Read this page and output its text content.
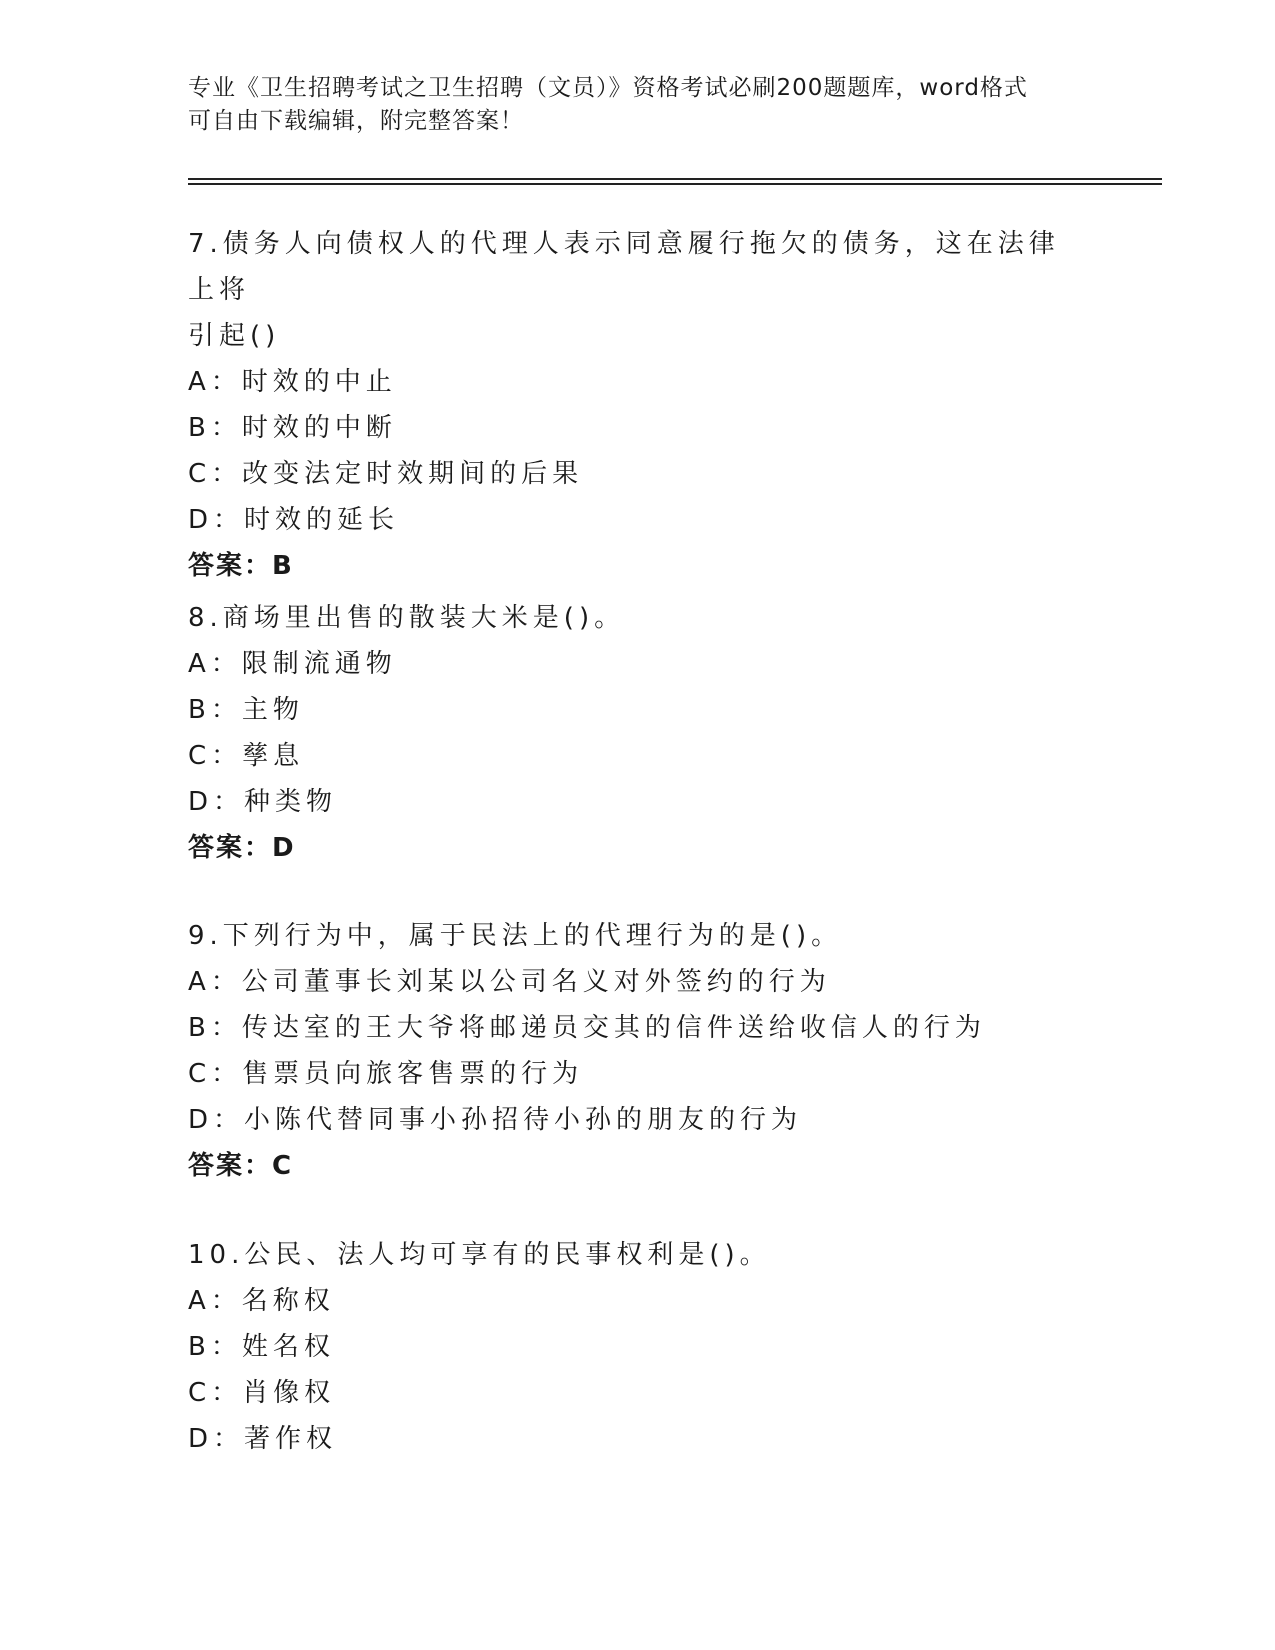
专业《卫生招聘考试之卫生招聘（文员）》资格考试必刷200题题库，word格式
可自由下载编辑，附完整答案！

7.债务人向债权人的代理人表示同意履行拖欠的债务，这在法律上将

引起()

A：时效的中止

B：时效的中断

C：改变法定时效期间的后果

D：时效的延长

答案：B

8.商场里出售的散装大米是()。

A：限制流通物

B：主物

C：孳息

D：种类物

答案：D

9.下列行为中，属于民法上的代理行为的是()。

A：公司董事长刘某以公司名义对外签约的行为

B：传达室的王大爷将邮递员交其的信件送给收信人的行为

C：售票员向旅客售票的行为

D：小陈代替同事小孙招待小孙的朋友的行为

答案：C

10.公民、法人均可享有的民事权利是()。

A：名称权

B：姓名权

C：肖像权

D：著作权
